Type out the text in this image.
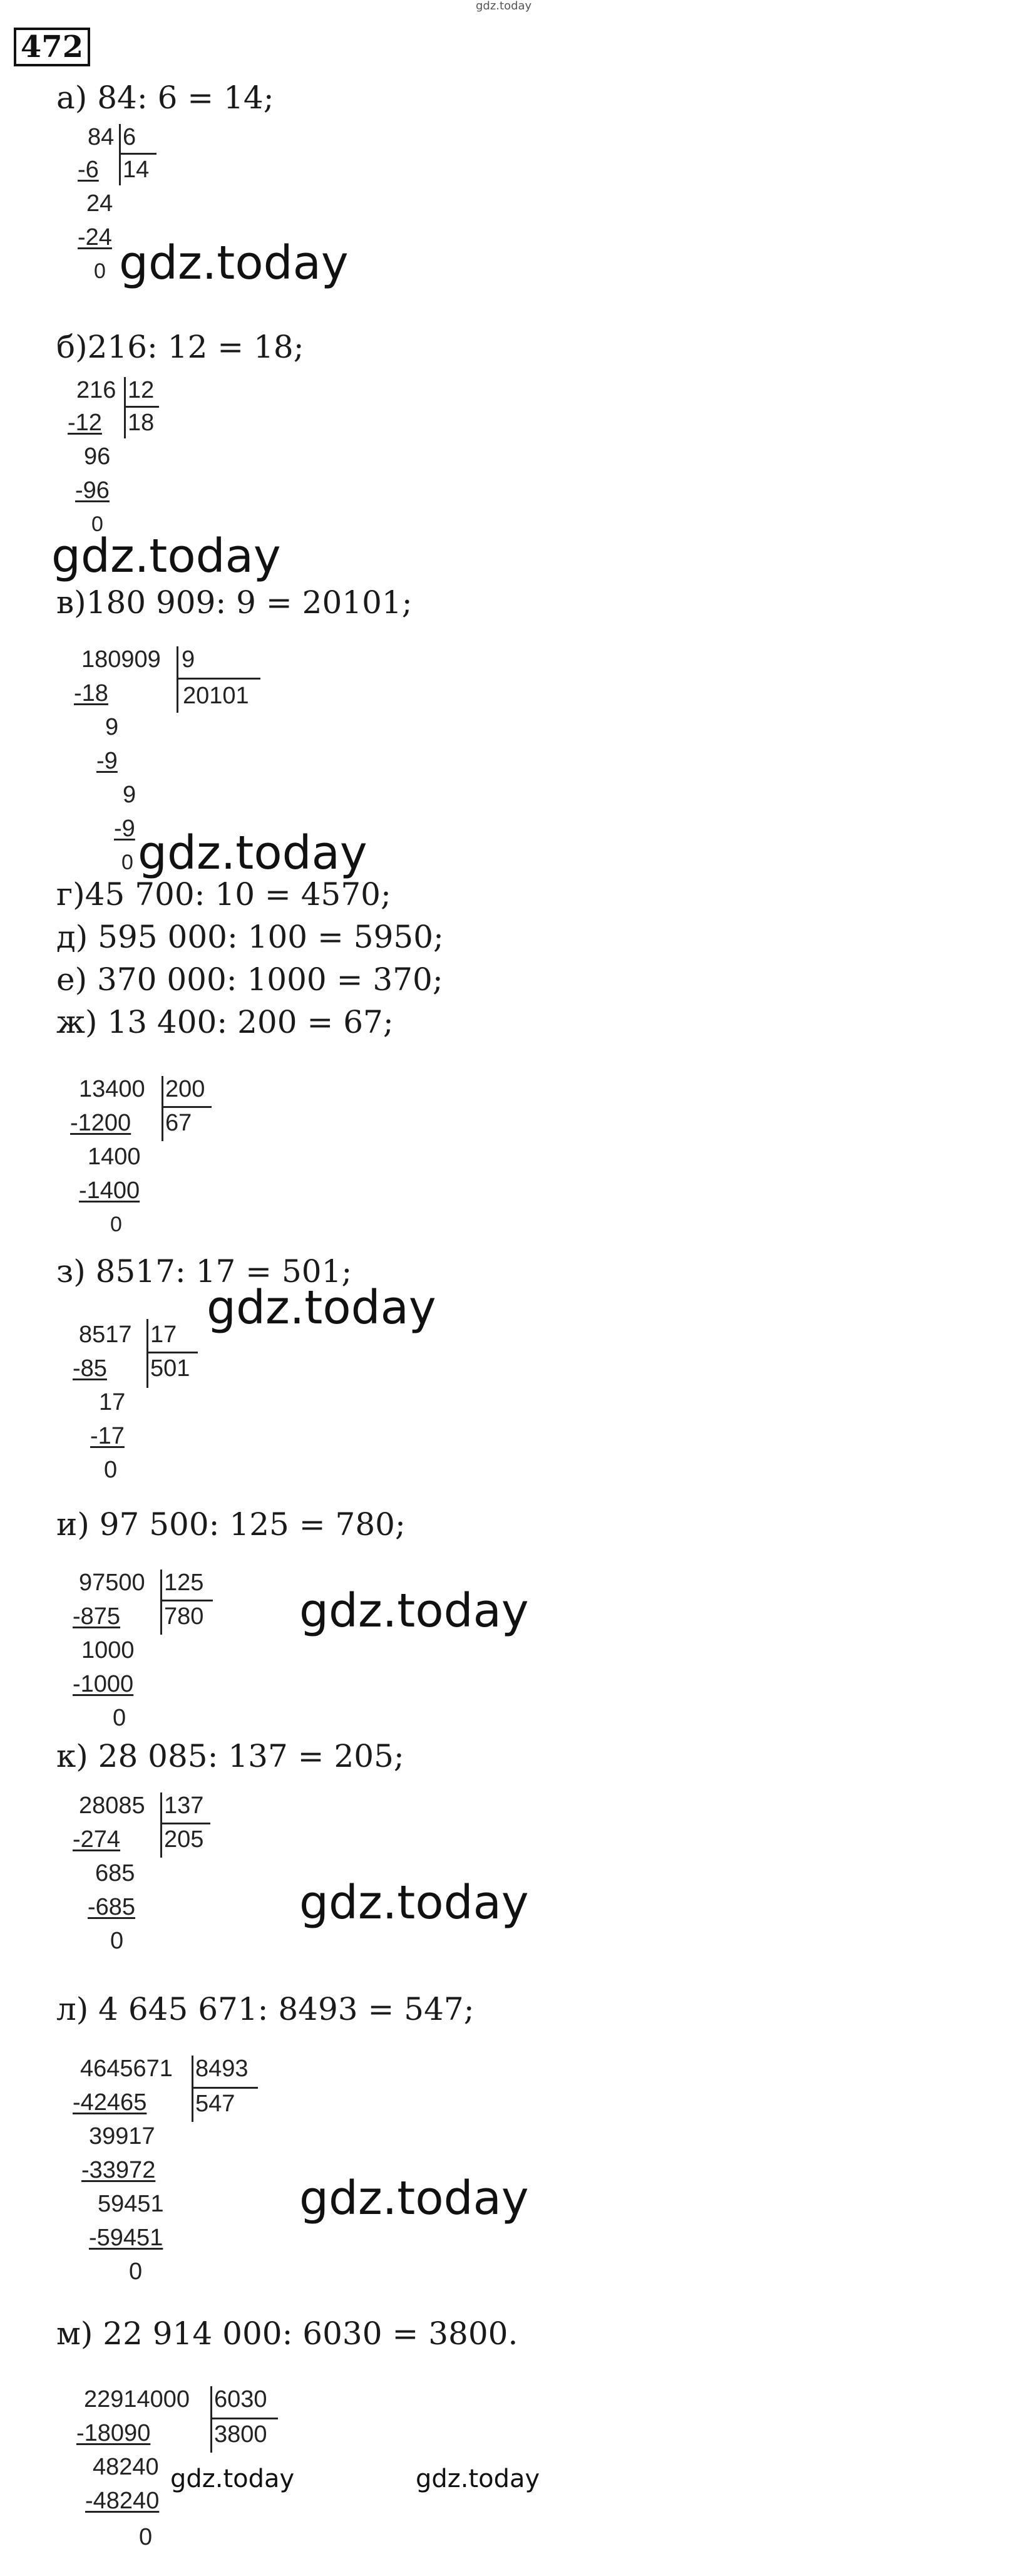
gdz.today
472
а) 84: 6 = 14;
84 6
14
-6
24
-24
0 gdz.today
б)216: 12 = 18;
216 12
18
-12
96
-96
0
gdz.today
в)180 909: 9 = 20101;
180909 9
20101
-18
9
-9
9
-9
0 gdz.today
г)45 700: 10 = 4570;
д) 595 000: 100 = 5950;
е) 370 000: 1000 = 370;
ж) 13 400: 200 = 67;
13400 200
67
-1200
1400
-1400
0
з) 8517: 17 = 501;
gdz.today
8517 17
501
-85
17
-17
0
и) 97 500: 125 = 780;
97500 125
780
-875
1000
-1000
0
gdz.today
к) 28 085: 137 = 205;
28085 137
205
-274
685
-685
0
gdz.today
л) 4 645 671: 8493 = 547;
4645671 8493
547
-42465
39917
-33972
59451
-59451
0
gdz.today
м) 22 914 000: 6030 = 3800.
22914000 6030
3800
-18090
48240
-48240
0
gdz.today	gdz.today
